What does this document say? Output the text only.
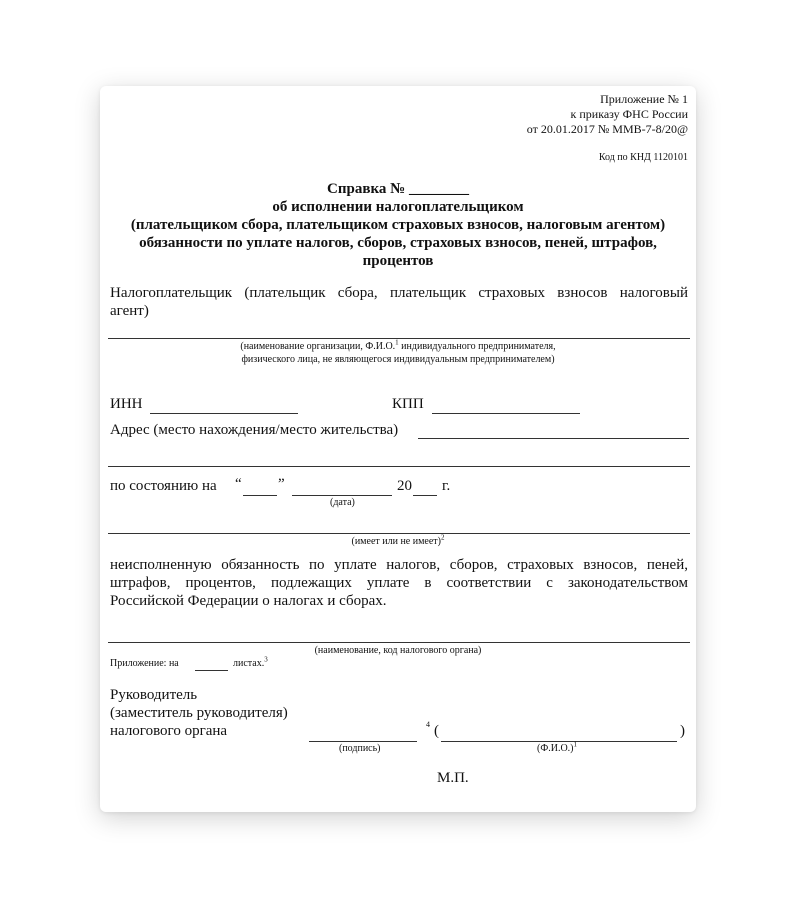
Приложение № 1
к приказу ФНС России
от 20.01.2017 № ММВ-7-8/20@
Код по КНД 1120101
Справка № ________
об исполнении налогоплательщиком
(плательщиком сбора, плательщиком страховых взносов, налоговым агентом)
обязанности по уплате налогов, сборов, страховых взносов, пеней, штрафов,
процентов
Налогоплательщик (плательщик сбора, плательщик страховых взносов налоговый
агент)
(наименование организации, Ф.И.О.$^1$ индивидуального предпринимателя,
физического лица, не являющегося индивидуальным предпринимателем)
ИНН	КПП
Адрес (место нахождения/место жительства)
по состоянию на “ ”	20 г.
(дата)
(имеет или не имеет)$^2$
неисполненную обязанность по уплате налогов, сборов, страховых взносов, пеней,
штрафов, процентов, подлежащих уплате в соответствии с законодательством
Российской Федерации о налогах и сборах.
(наименование, код налогового органа)
Приложение: на	листах.$^3$
Руководитель
(заместитель руководителя)
налогового органа	4 (	)
(подпись)	$(Ф.И.О.)^1$
М.П.
